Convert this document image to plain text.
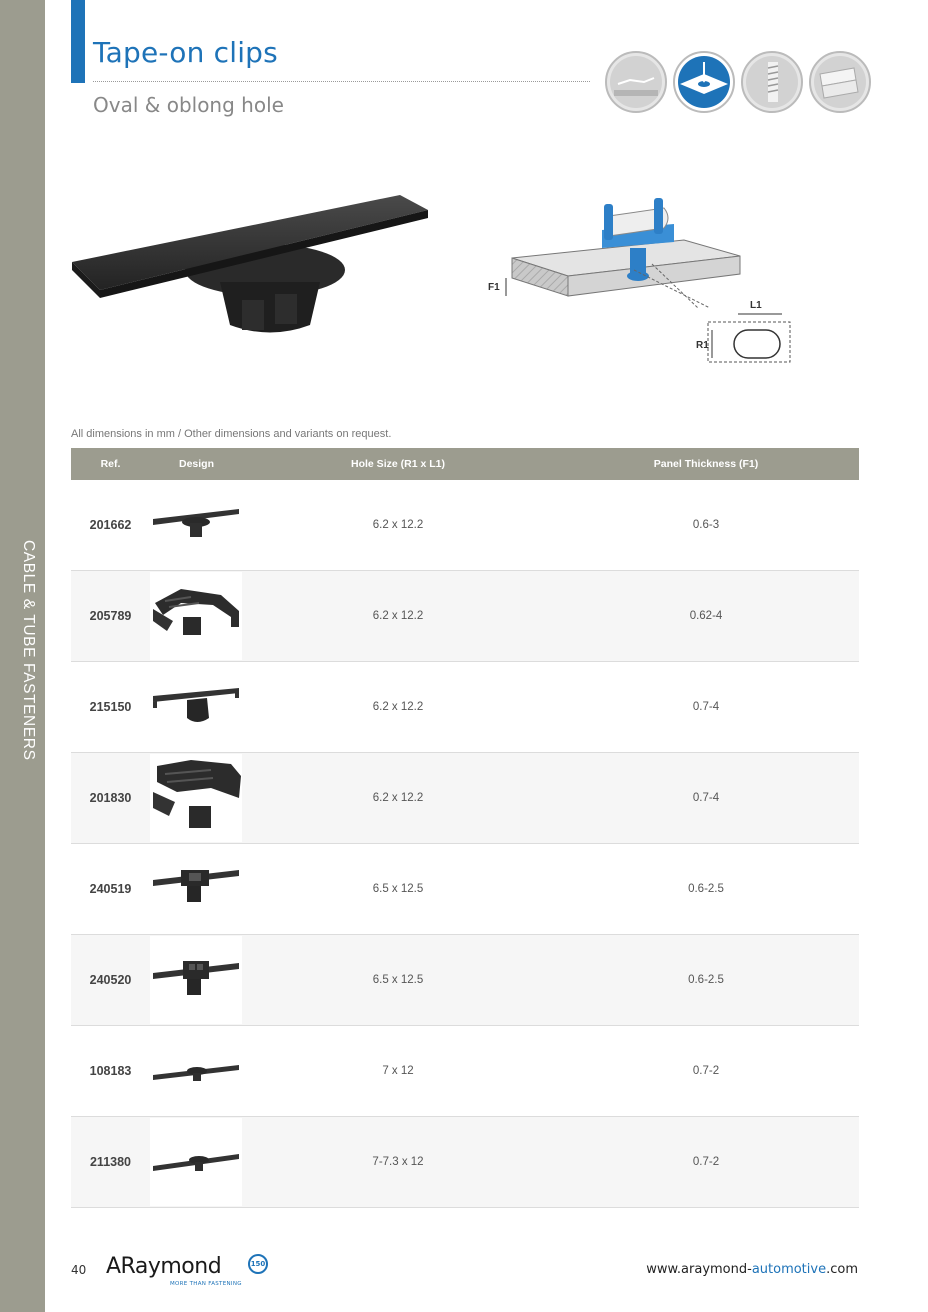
CABLE & TUBE FASTENERS
Tape-on clips
Oval & oblong hole
L1
R1
F1
All dimensions in mm / Other dimensions and variants on request.
Ref.	Design	Hole Size (R1 x L1)	Panel Thickness (F1)
201662		6.2 x 12.2	0.6-3
205789		6.2 x 12.2	0.62-4
215150		6.2 x 12.2	0.7-4
201830		6.2 x 12.2	0.7-4
240519		6.5 x 12.5	0.6-2.5
240520		6.5 x 12.5	0.6-2.5
108183		7 x 12	0.7-2
211380		7-7.3 x 12	0.7-2
40 ARaymond	150
MORE THAN FASTENING
www.araymond-automotive.com
